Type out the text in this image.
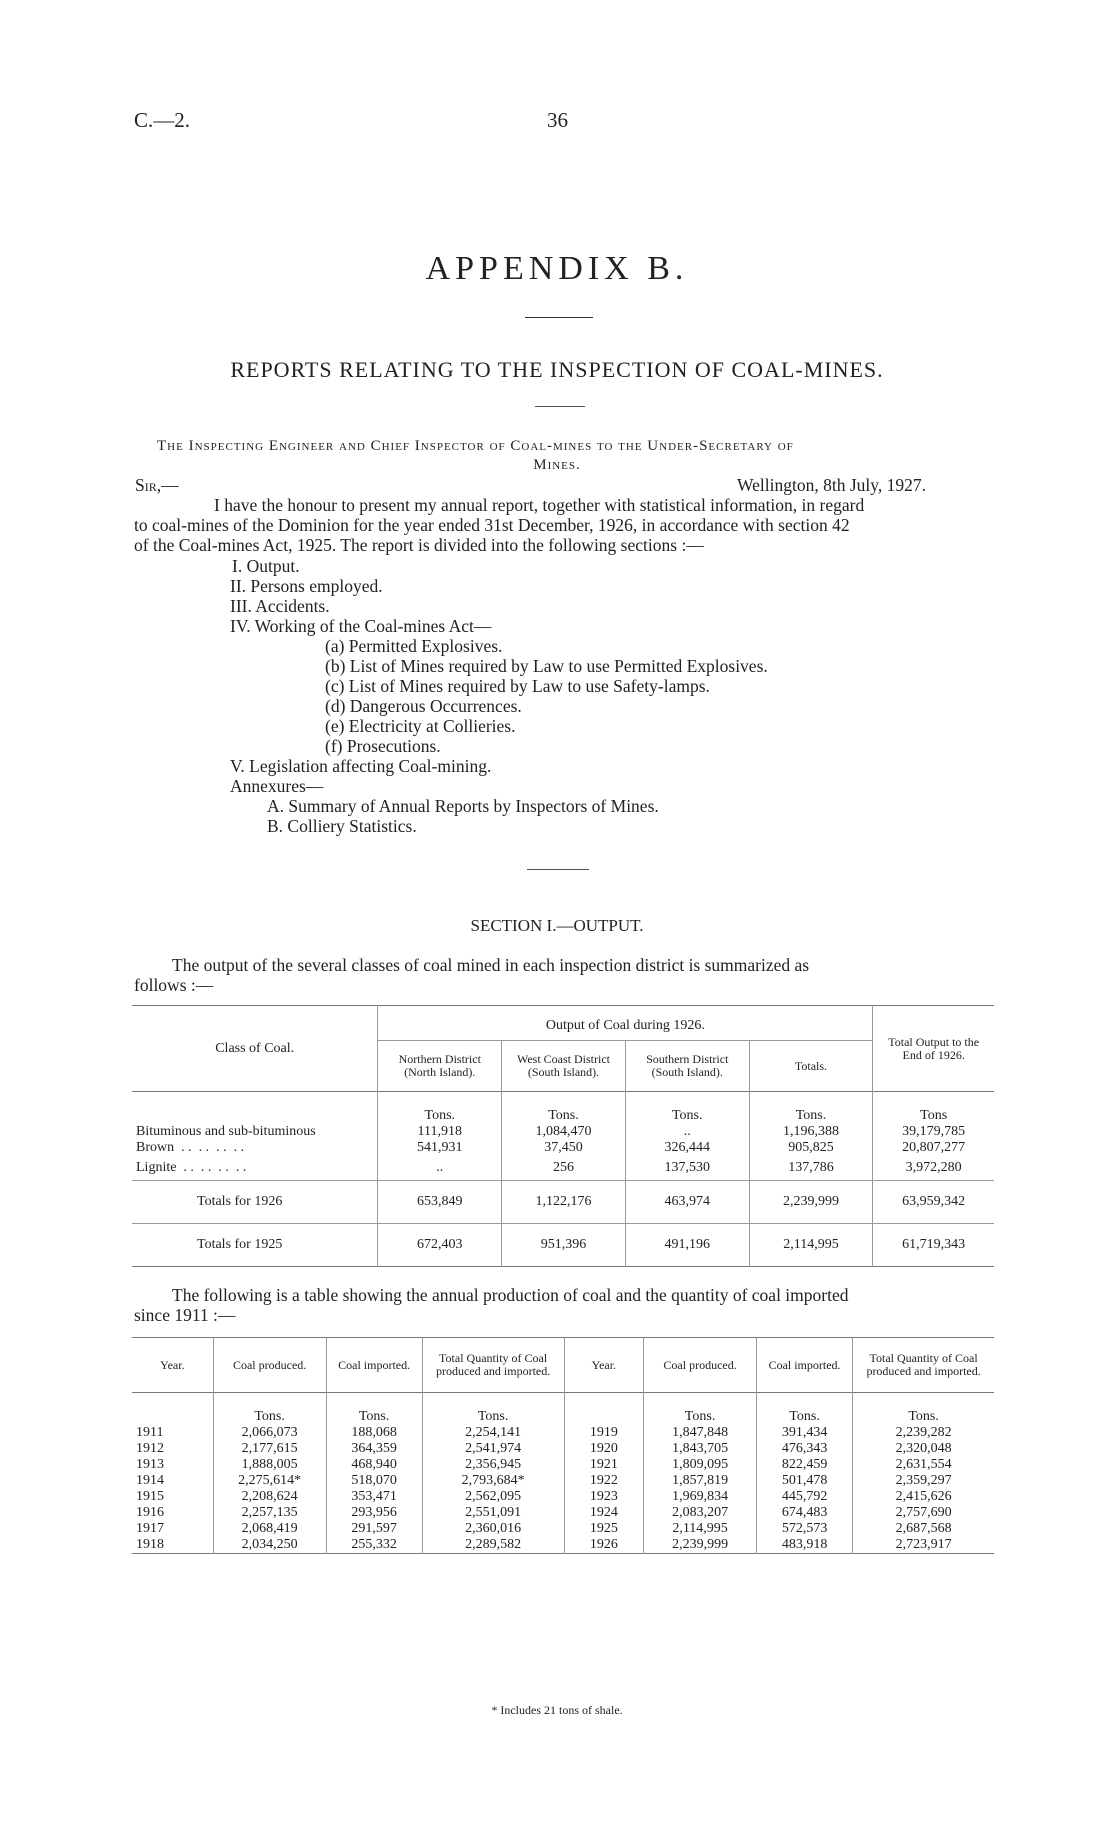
C.—2.	36
APPENDIX B.
REPORTS RELATING TO THE INSPECTION OF COAL-MINES.
The Inspecting Engineer and Chief Inspector of Coal-mines to the Under-Secretary of
Mines.
Sir,—	Wellington, 8th July, 1927.
I have the honour to present my annual report, together with statistical information, in regard
to coal-mines of the Dominion for the year ended 31st December, 1926, in accordance with section 42
of the Coal-mines Act, 1925. The report is divided into the following sections :—
I. Output.
II. Persons employed.
III. Accidents.
IV. Working of the Coal-mines Act—
(a) Permitted Explosives.
(b) List of Mines required by Law to use Permitted Explosives.
(c) List of Mines required by Law to use Safety-lamps.
(d) Dangerous Occurrences.
(e) Electricity at Collieries.
(f) Prosecutions.
V. Legislation affecting Coal-mining.
Annexures—
A. Summary of Annual Reports by Inspectors of Mines.
B. Colliery Statistics.
SECTION I.—OUTPUT.
The output of the several classes of coal mined in each inspection district is summarized as
follows :—
Class of Coal.	Output of Coal during 1926.				Total Output to the End of 1926.
	Northern District (North Island).	West Coast District (South Island).	Southern District (South Island).	Totals.	
	Tons.	Tons.	Tons.	Tons.	Tons
Bituminous and sub-bituminous	111,918	1,084,470	..	1,196,388	39,179,785
Brown  . .  . .  . .  . .	541,931	37,450	326,444	905,825	20,807,277
Lignite  . .  . .  . .  . .	..	256	137,530	137,786	3,972,280
Totals for 1926	653,849	1,122,176	463,974	2,239,999	63,959,342
Totals for 1925	672,403	951,396	491,196	2,114,995	61,719,343
The following is a table showing the annual production of coal and the quantity of coal imported
since 1911 :—
Year.	Coal produced.	Coal imported.	Total Quantity of Coal produced and imported.	Year.	Coal produced.	Coal imported.	Total Quantity of Coal produced and imported.
	Tons.	Tons.	Tons.		Tons.	Tons.	Tons.
1911	2,066,073	188,068	2,254,141	1919	1,847,848	391,434	2,239,282
1912	2,177,615	364,359	2,541,974	1920	1,843,705	476,343	2,320,048
1913	1,888,005	468,940	2,356,945	1921	1,809,095	822,459	2,631,554
1914	2,275,614*	518,070	2,793,684*	1922	1,857,819	501,478	2,359,297
1915	2,208,624	353,471	2,562,095	1923	1,969,834	445,792	2,415,626
1916	2,257,135	293,956	2,551,091	1924	2,083,207	674,483	2,757,690
1917	2,068,419	291,597	2,360,016	1925	2,114,995	572,573	2,687,568
1918	2,034,250	255,332	2,289,582	1926	2,239,999	483,918	2,723,917
* Includes 21 tons of shale.
